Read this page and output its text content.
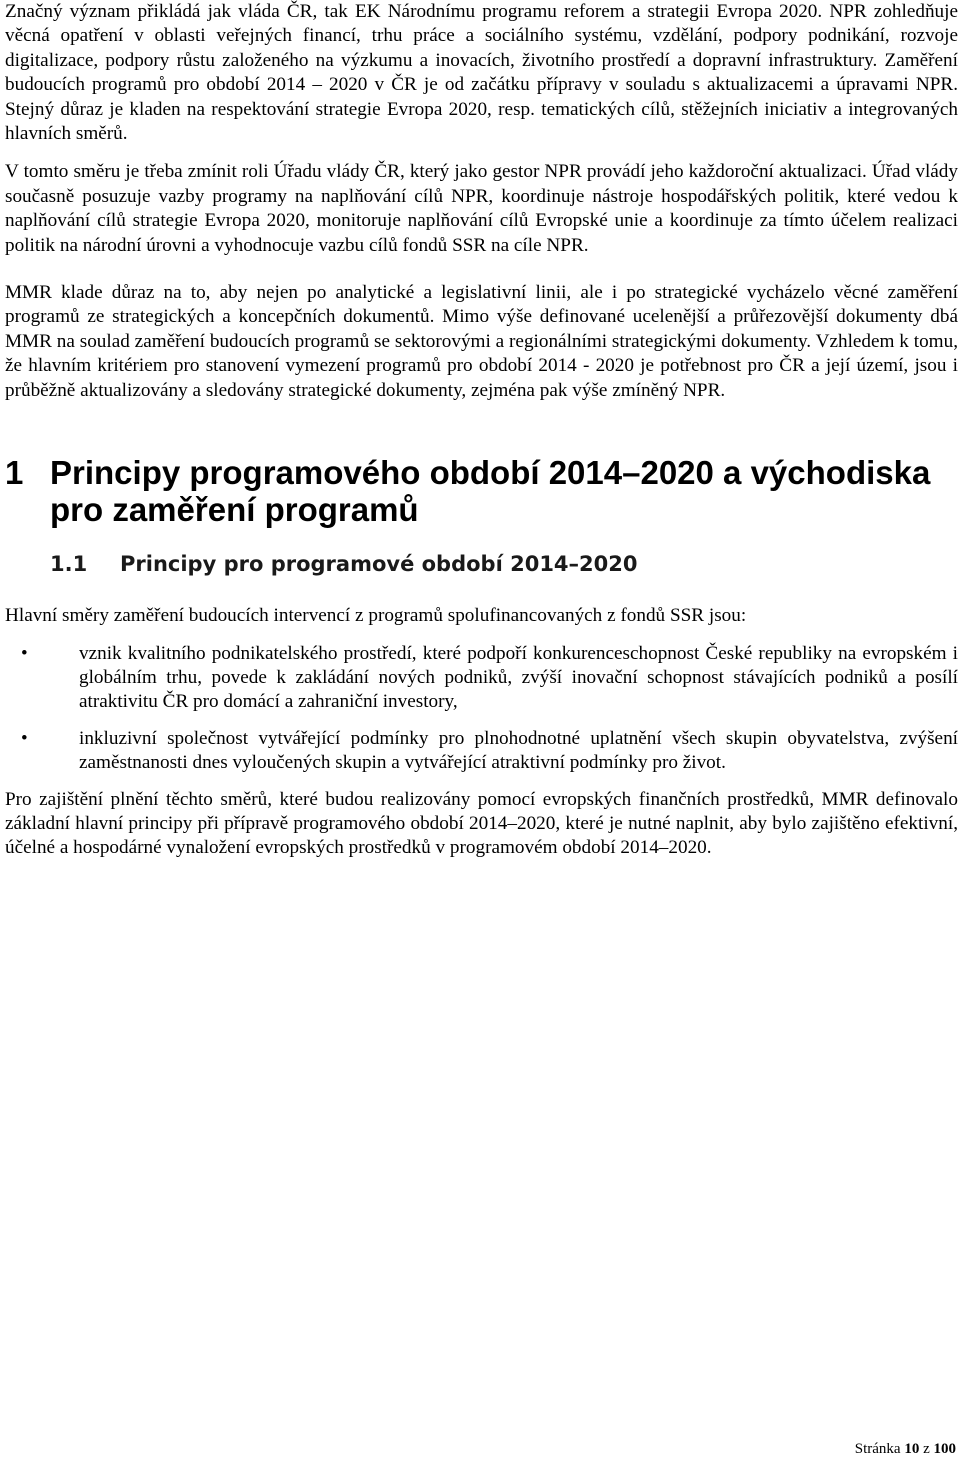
Značný význam přikládá jak vláda ČR, tak EK Národnímu programu reforem a strategii Evropa 2020. NPR zohledňuje věcná opatření v oblasti veřejných financí, trhu práce a sociálního systému, vzdělání, podpory podnikání, rozvoje digitalizace, podpory růstu založeného na výzkumu a inovacích, životního prostředí a dopravní infrastruktury. Zaměření budoucích programů pro období 2014 – 2020 v ČR je od začátku přípravy v souladu s aktualizacemi a úpravami NPR. Stejný důraz je kladen na respektování strategie Evropa 2020, resp. tematických cílů, stěžejních iniciativ a integrovaných hlavních směrů.

V tomto směru je třeba zmínit roli Úřadu vlády ČR, který jako gestor NPR provádí jeho každoroční aktualizaci. Úřad vlády současně posuzuje vazby programy na naplňování cílů NPR, koordinuje nástroje hospodářských politik, které vedou k naplňování cílů strategie Evropa 2020, monitoruje naplňování cílů Evropské unie a koordinuje za tímto účelem realizaci politik na národní úrovni a vyhodnocuje vazbu cílů fondů SSR na cíle NPR.

MMR klade důraz na to, aby nejen po analytické a legislativní linii, ale i po strategické vycházelo věcné zaměření programů ze strategických a koncepčních dokumentů. Mimo výše definované ucelenější a průřezovější dokumenty dbá MMR na soulad zaměření budoucích programů se sektorovými a regionálními strategickými dokumenty. Vzhledem k tomu, že hlavním kritériem pro stanovení vymezení programů pro období 2014 - 2020 je potřebnost pro ČR a její území, jsou i průběžně aktualizovány a sledovány strategické dokumenty, zejména pak výše zmíněný NPR.

1 Principy programového období 2014–2020 a východiska pro zaměření programů
1.1 Principy pro programové období 2014–2020

Hlavní směry zaměření budoucích intervencí z programů spolufinancovaných z fondů SSR jsou:

•	vznik kvalitního podnikatelského prostředí, které podpoří konkurenceschopnost České republiky na evropském i globálním trhu, povede k zakládání nových podniků, zvýší inovační schopnost stávajících podniků a posílí atraktivitu ČR pro domácí a zahraniční investory,
•	inkluzivní společnost vytvářející podmínky pro plnohodnotné uplatnění všech skupin obyvatelstva, zvýšení zaměstnanosti dnes vyloučených skupin a vytvářející atraktivní podmínky pro život.

Pro zajištění plnění těchto směrů, které budou realizovány pomocí evropských finančních prostředků, MMR definovalo základní hlavní principy při přípravě programového období 2014–2020, které je nutné naplnit, aby bylo zajištěno efektivní, účelné a hospodárné vynaložení evropských prostředků v programovém období 2014–2020.

Stránka 10 z 100
